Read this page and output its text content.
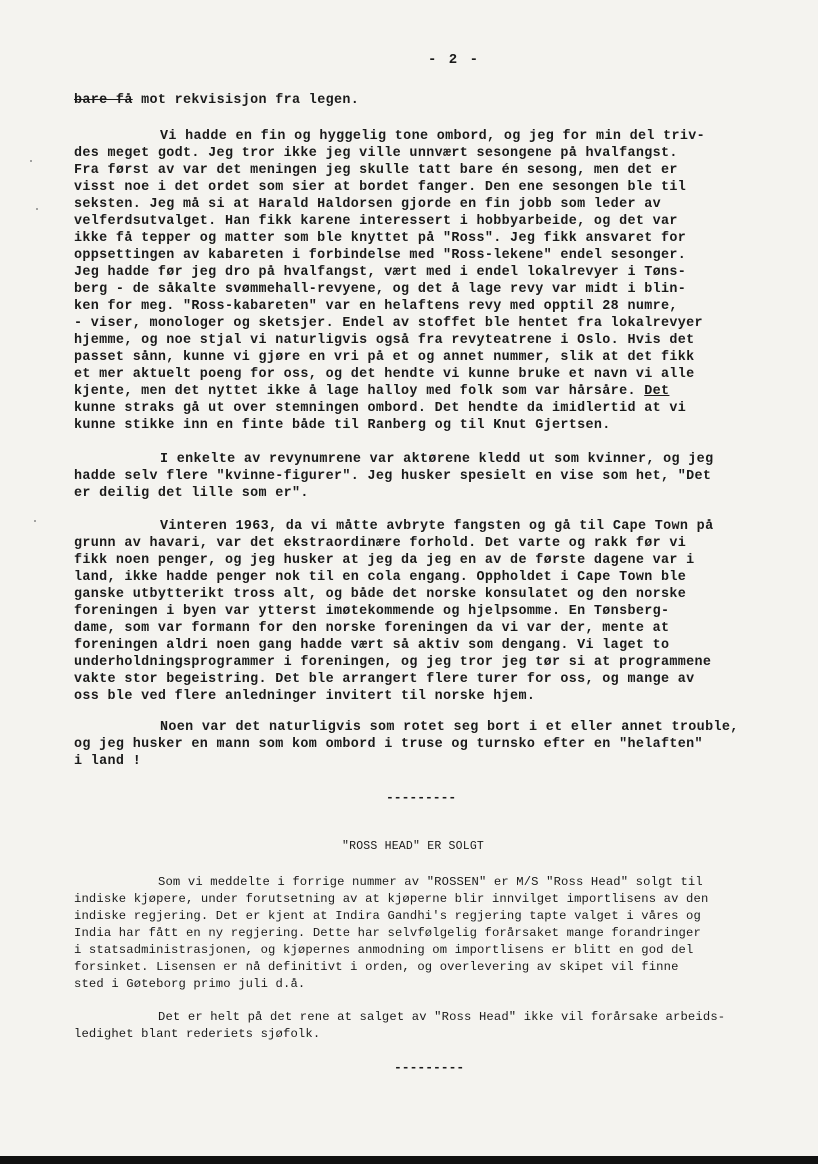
- 2 -
bare få mot rekvisisjon fra legen.
Vi hadde en fin og hyggelig tone ombord, og jeg for min del triv-
des meget godt. Jeg tror ikke jeg ville unnvært sesongene på hvalfangst.
Fra først av var det meningen jeg skulle tatt bare én sesong, men det er
visst noe i det ordet som sier at bordet fanger. Den ene sesongen ble til
seksten. Jeg må si at Harald Haldorsen gjorde en fin jobb som leder av
velferdsutvalget. Han fikk karene interessert i hobbyarbeide, og det var
ikke få tepper og matter som ble knyttet på "Ross". Jeg fikk ansvaret for
oppsettingen av kabareten i forbindelse med "Ross-lekene" endel sesonger.
Jeg hadde før jeg dro på hvalfangst, vært med i endel lokalrevyer i Tøns-
berg - de såkalte svømmehall-revyene, og det å lage revy var midt i blin-
ken for meg. "Ross-kabareten" var en helaftens revy med opptil 28 numre,
- viser, monologer og sketsjer. Endel av stoffet ble hentet fra lokalrevyer
hjemme, og noe stjal vi naturligvis også fra revyteatrene i Oslo. Hvis det
passet sånn, kunne vi gjøre en vri på et og annet nummer, slik at det fikk
et mer aktuelt poeng for oss, og det hendte vi kunne bruke et navn vi alle
kjente, men det nyttet ikke å lage halloy med folk som var hårsåre. Det
kunne straks gå ut over stemningen ombord. Det hendte da imidlertid at vi
kunne stikke inn en finte både til Ranberg og til Knut Gjertsen.
I enkelte av revynumrene var aktørene kledd ut som kvinner, og jeg
hadde selv flere "kvinne-figurer". Jeg husker spesielt en vise som het, "Det
er deilig det lille som er".
Vinteren 1963, da vi måtte avbryte fangsten og gå til Cape Town på
grunn av havari, var det ekstraordinære forhold. Det varte og rakk før vi
fikk noen penger, og jeg husker at jeg da jeg en av de første dagene var i
land, ikke hadde penger nok til en cola engang. Oppholdet i Cape Town ble
ganske utbytterikt tross alt, og både det norske konsulatet og den norske
foreningen i byen var ytterst imøtekommende og hjelpsomme. En Tønsberg-
dame, som var formann for den norske foreningen da vi var der, mente at
foreningen aldri noen gang hadde vært så aktiv som dengang. Vi laget to
underholdningsprogrammer i foreningen, og jeg tror jeg tør si at programmene
vakte stor begeistring. Det ble arrangert flere turer for oss, og mange av
oss ble ved flere anledninger invitert til norske hjem.
Noen var det naturligvis som rotet seg bort i et eller annet trouble,
og jeg husker en mann som kom ombord i truse og turnsko efter en "helaften"
i land !
---------
"ROSS HEAD" ER SOLGT
Som vi meddelte i forrige nummer av "ROSSEN" er M/S "Ross Head" solgt til
indiske kjøpere, under forutsetning av at kjøperne blir innvilget importlisens av den
indiske regjering. Det er kjent at Indira Gandhi's regjering tapte valget i våres og
India har fått en ny regjering. Dette har selvfølgelig forårsaket mange forandringer
i statsadministrasjonen, og kjøpernes anmodning om importlisens er blitt en god del
forsinket. Lisensen er nå definitivt i orden, og overlevering av skipet vil finne
sted i Gøteborg primo juli d.å.
Det er helt på det rene at salget av "Ross Head" ikke vil forårsake arbeids-
ledighet blant rederiets sjøfolk.
---------
